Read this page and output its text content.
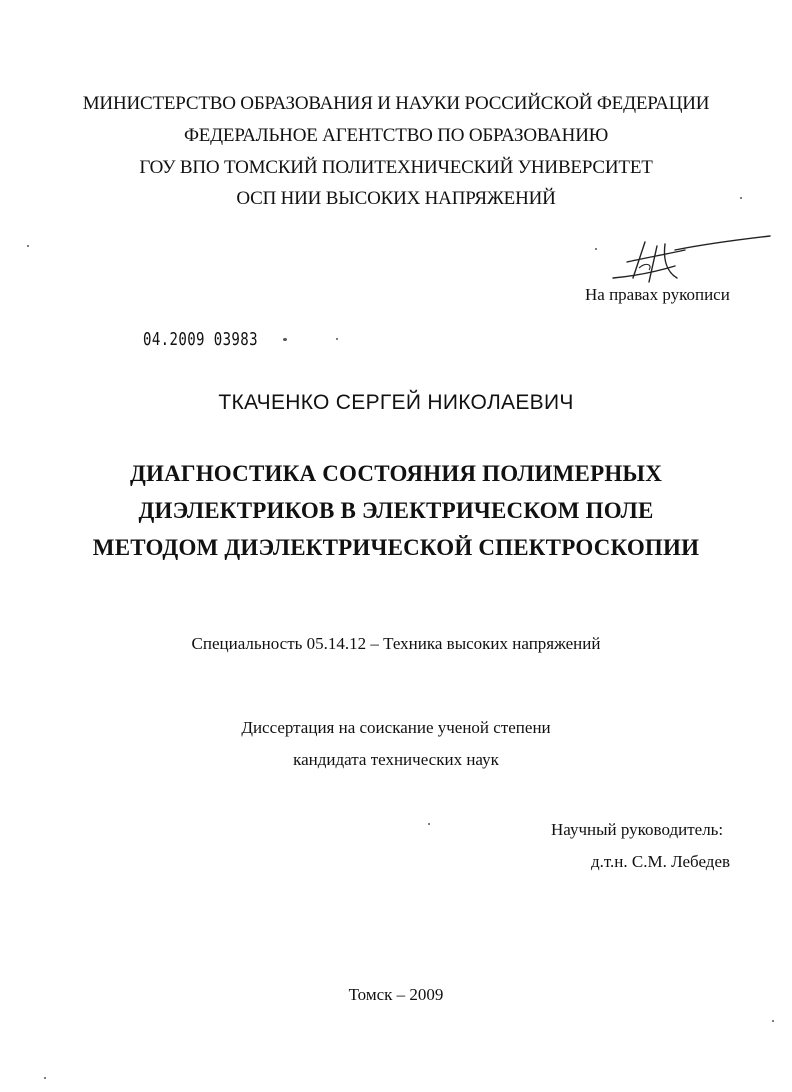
МИНИСТЕРСТВО ОБРАЗОВАНИЯ И НАУКИ РОССИЙСКОЙ ФЕДЕРАЦИИ
ФЕДЕРАЛЬНОЕ АГЕНТСТВО ПО ОБРАЗОВАНИЮ
ГОУ ВПО ТОМСКИЙ ПОЛИТЕХНИЧЕСКИЙ УНИВЕРСИТЕТ
ОСП НИИ ВЫСОКИХ НАПРЯЖЕНИЙ
На правах рукописи
04.2009 03983
ТКАЧЕНКО СЕРГЕЙ НИКОЛАЕВИЧ
ДИАГНОСТИКА СОСТОЯНИЯ ПОЛИМЕРНЫХ
ДИЭЛЕКТРИКОВ В ЭЛЕКТРИЧЕСКОМ ПОЛЕ
МЕТОДОМ ДИЭЛЕКТРИЧЕСКОЙ СПЕКТРОСКОПИИ
Специальность 05.14.12 – Техника высоких напряжений
Диссертация на соискание ученой степени
кандидата технических наук
Научный руководитель:
д.т.н. С.М. Лебедев
Томск – 2009
